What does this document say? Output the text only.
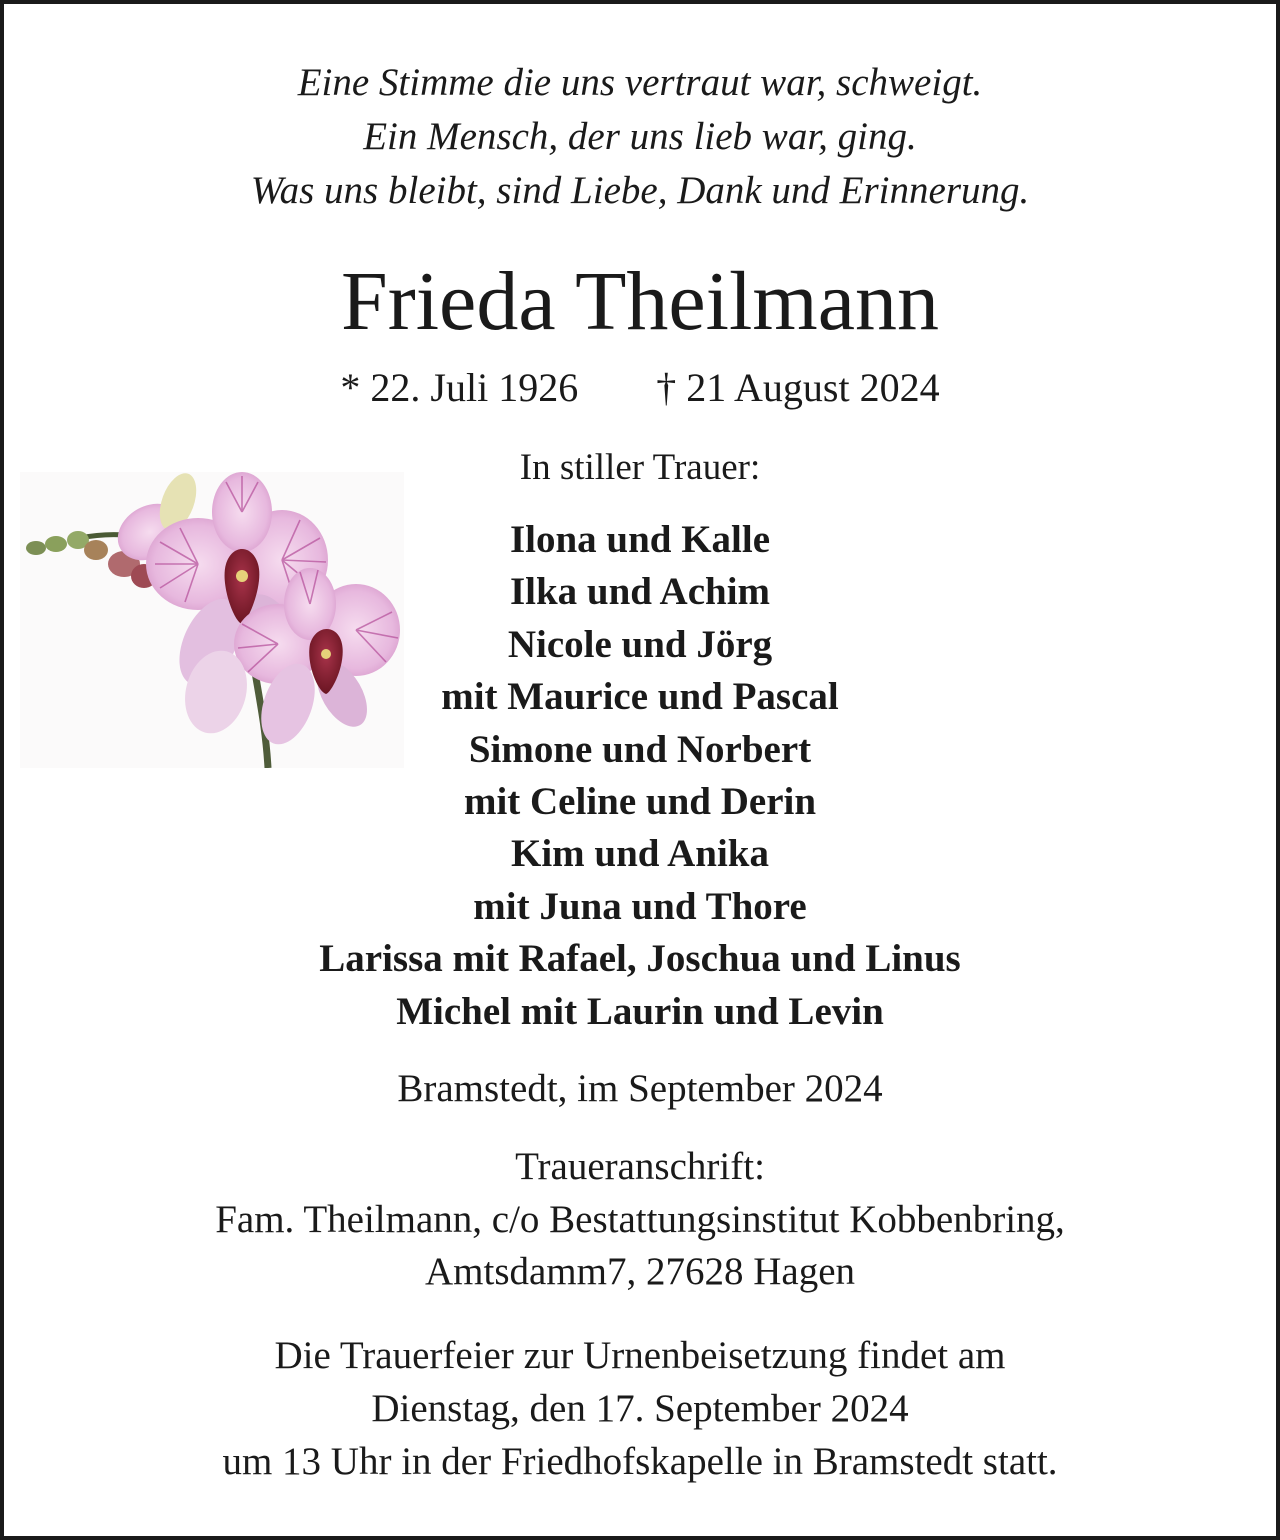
Eine Stimme die uns vertraut war, schweigt.

Ein Mensch, der uns lieb war, ging.

Was uns bleibt, sind Liebe, Dank und Erinnerung.

Frieda Theilmann

* 22. Juli 1926 † 21 August 2024

In stiller Trauer:

Ilona und Kalle
Ilka und Achim
Nicole und Jörg
mit Maurice und Pascal
Simone und Norbert
mit Celine und Derin
Kim und Anika
mit Juna und Thore
Larissa mit Rafael, Joschua und Linus
Michel mit Laurin und Levin

Bramstedt, im September 2024

Traueranschrift:

Fam. Theilmann, c/o Bestattungsinstitut Kobbenbring,

Amtsdamm7, 27628 Hagen

Die Trauerfeier zur Urnenbeisetzung findet am

Dienstag, den 17. September 2024

um 13 Uhr in der Friedhofskapelle in Bramstedt statt.
